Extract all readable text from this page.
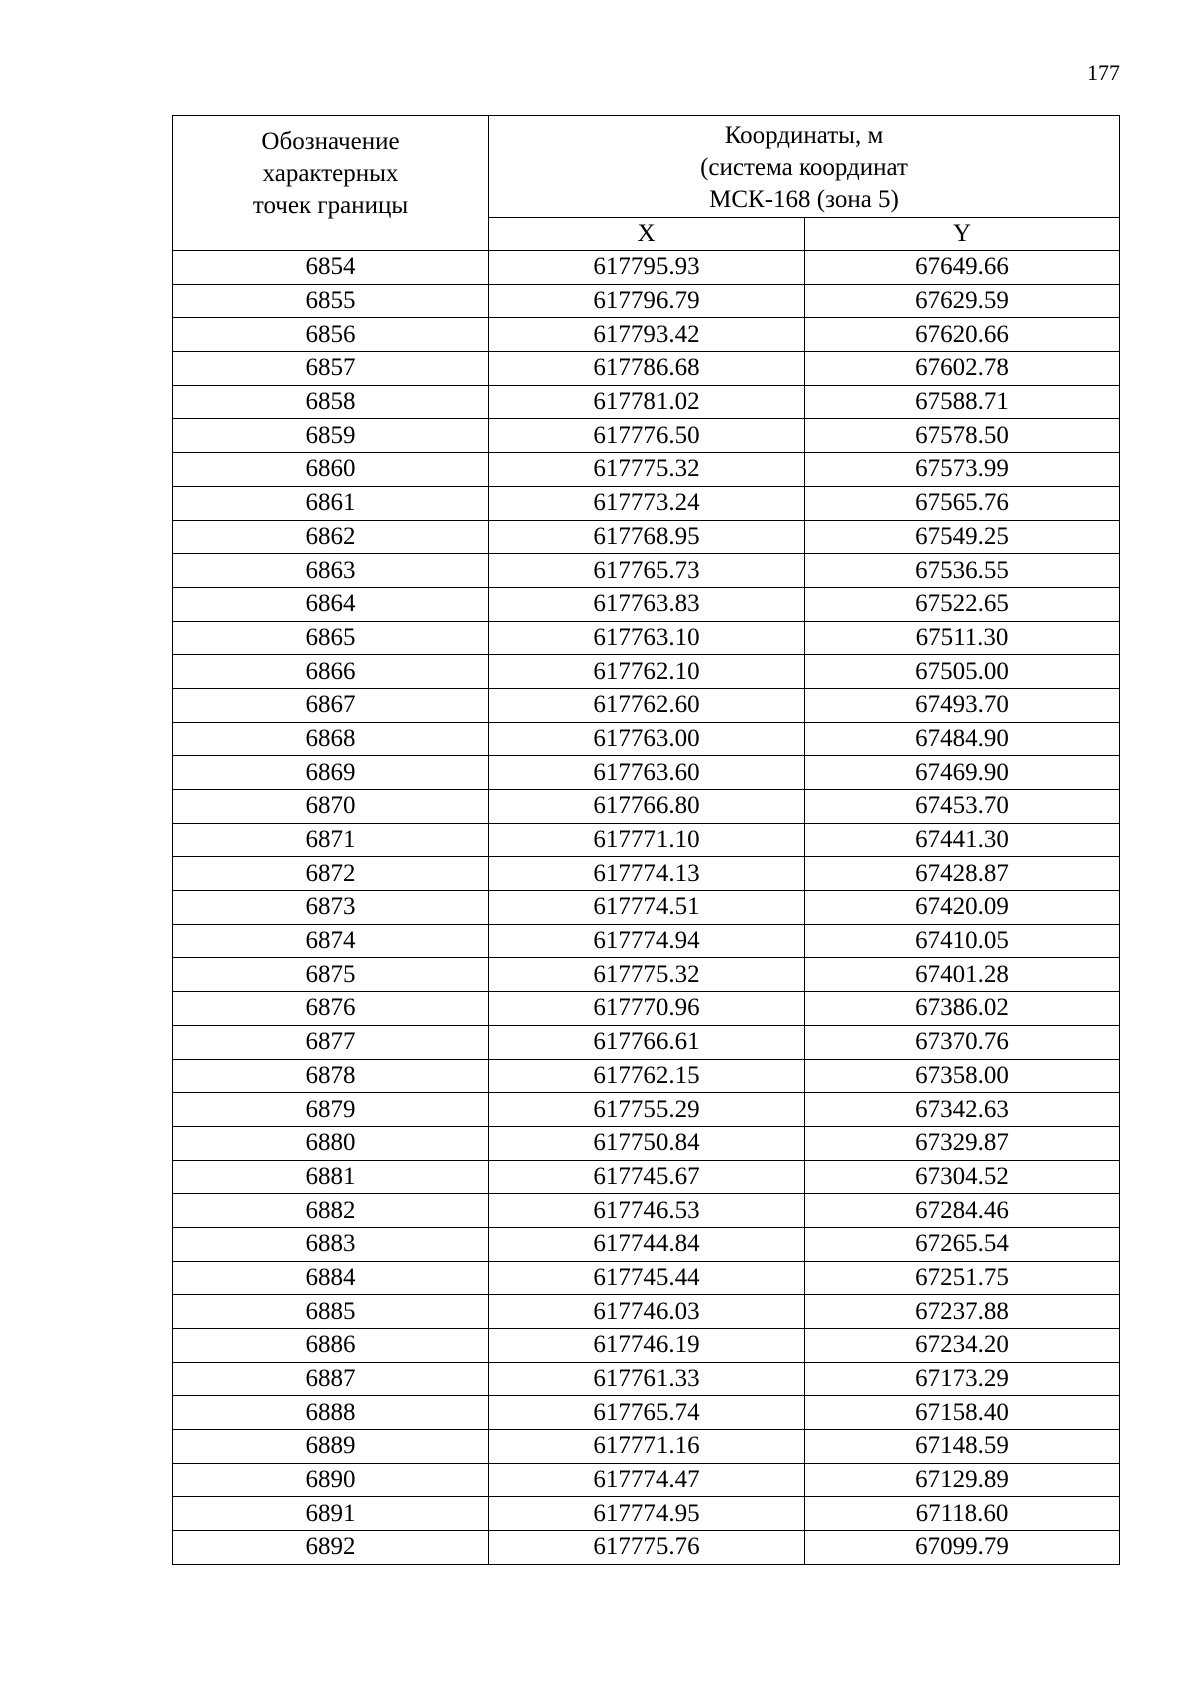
177
Обозначение
характерных
точек границы	Координаты, м
(система координат
МСК-168 (зона 5)	

	X	Y
6854	617795.93	67649.66
6855	617796.79	67629.59
6856	617793.42	67620.66
6857	617786.68	67602.78
6858	617781.02	67588.71
6859	617776.50	67578.50
6860	617775.32	67573.99
6861	617773.24	67565.76
6862	617768.95	67549.25
6863	617765.73	67536.55
6864	617763.83	67522.65
6865	617763.10	67511.30
6866	617762.10	67505.00
6867	617762.60	67493.70
6868	617763.00	67484.90
6869	617763.60	67469.90
6870	617766.80	67453.70
6871	617771.10	67441.30
6872	617774.13	67428.87
6873	617774.51	67420.09
6874	617774.94	67410.05
6875	617775.32	67401.28
6876	617770.96	67386.02
6877	617766.61	67370.76
6878	617762.15	67358.00
6879	617755.29	67342.63
6880	617750.84	67329.87
6881	617745.67	67304.52
6882	617746.53	67284.46
6883	617744.84	67265.54
6884	617745.44	67251.75
6885	617746.03	67237.88
6886	617746.19	67234.20
6887	617761.33	67173.29
6888	617765.74	67158.40
6889	617771.16	67148.59
6890	617774.47	67129.89
6891	617774.95	67118.60
6892	617775.76	67099.79
